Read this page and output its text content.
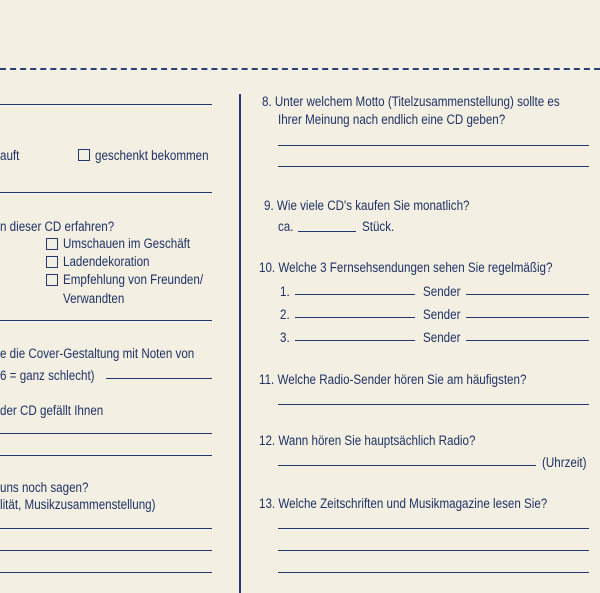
auft	geschenkt bekommen
n dieser CD erfahren?
Umschauen im Geschäft
Ladendekoration
Empfehlung von Freunden/
Verwandten
e die Cover-Gestaltung mit Noten von
6 = ganz schlecht)
der CD gefällt Ihnen
uns noch sagen?
lität, Musikzusammenstellung)
8. Unter welchem Motto (Titelzusammenstellung) sollte es
Ihrer Meinung nach endlich eine CD geben?
9. Wie viele CD's kaufen Sie monatlich?
ca.	Stück.
10. Welche 3 Fernsehsendungen sehen Sie regelmäßig?
1.	Sender
2.	Sender
3.	Sender
11. Welche Radio-Sender hören Sie am häufigsten?
12. Wann hören Sie hauptsächlich Radio?
(Uhrzeit)
13. Welche Zeitschriften und Musikmagazine lesen Sie?
